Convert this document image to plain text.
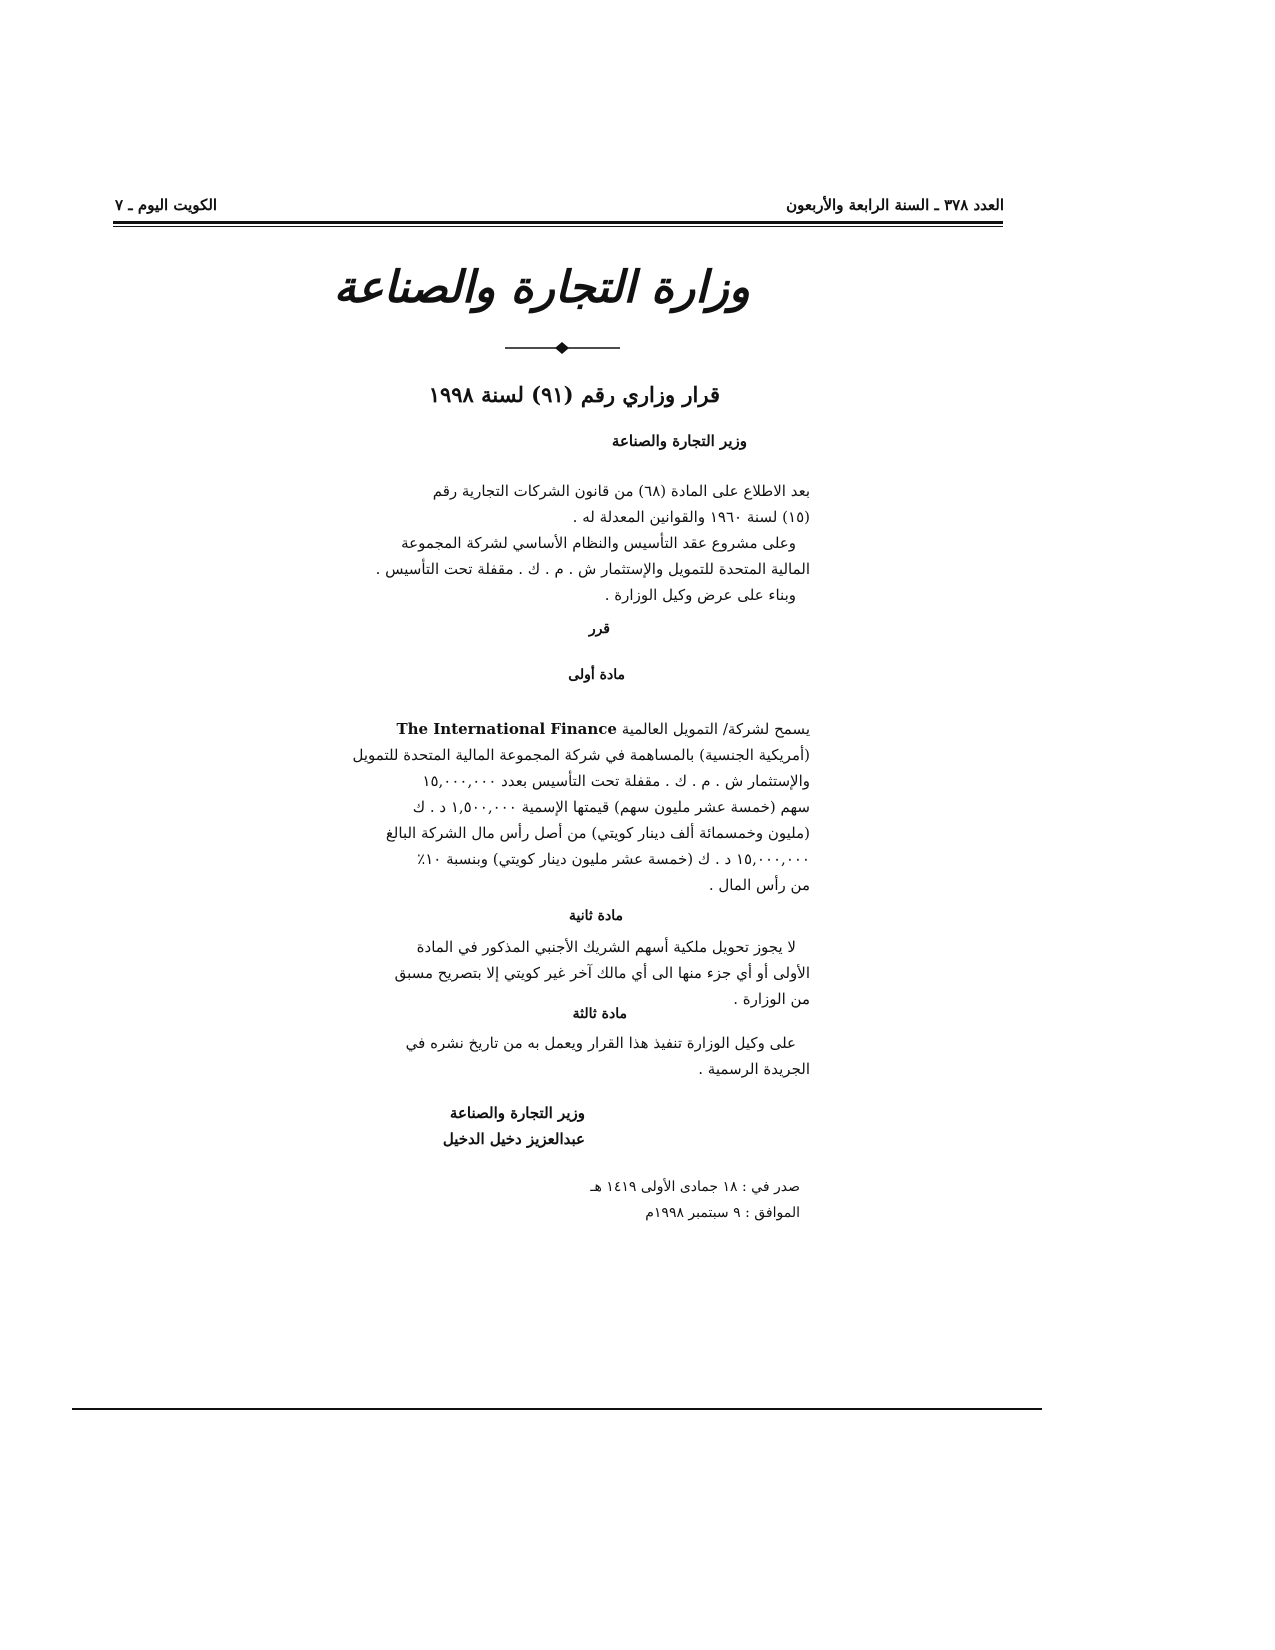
العدد ٣٧٨ ـ السنة الرابعة والأربعون
الكويت اليوم ـ ٧
وزارة التجارة والصناعة
قرار وزاري رقم (٩١) لسنة ١٩٩٨
وزير التجارة والصناعة
بعد الاطلاع على المادة (٦٨) من قانون الشركات التجارية رقم
(١٥) لسنة ١٩٦٠ والقوانين المعدلة له .
وعلى مشروع عقد التأسيس والنظام الأساسي لشركة المجموعة
المالية المتحدة للتمويل والإستثمار ش . م . ك . مقفلة تحت التأسيس .
وبناء على عرض وكيل الوزارة .
قرر
مادة أولى
يسمح لشركة/ التمويل العالمية The International Finance
(أمريكية الجنسية) بالمساهمة في شركة المجموعة المالية المتحدة للتمويل
والإستثمار ش . م . ك . مقفلة تحت التأسيس بعدد ١٥,٠٠٠,٠٠٠
سهم (خمسة عشر مليون سهم) قيمتها الإسمية ١,٥٠٠,٠٠٠ د . ك
(مليون وخمسمائة ألف دينار كويتي) من أصل رأس مال الشركة البالغ
١٥,٠٠٠,٠٠٠ د . ك (خمسة عشر مليون دينار كويتي) وبنسبة ١٠٪
من رأس المال .
مادة ثانية
لا يجوز تحويل ملكية أسهم الشريك الأجنبي المذكور في المادة
الأولى أو أي جزء منها الى أي مالك آخر غير كويتي إلا بتصريح مسبق
من الوزارة .
مادة ثالثة
على وكيل الوزارة تنفيذ هذا القرار ويعمل به من تاريخ نشره في
الجريدة الرسمية .
وزير التجارة والصناعة
عبدالعزيز دخيل الدخيل
صدر في : ١٨ جمادى الأولى ١٤١٩ هـ
الموافق : ٩ سبتمبر ١٩٩٨م
